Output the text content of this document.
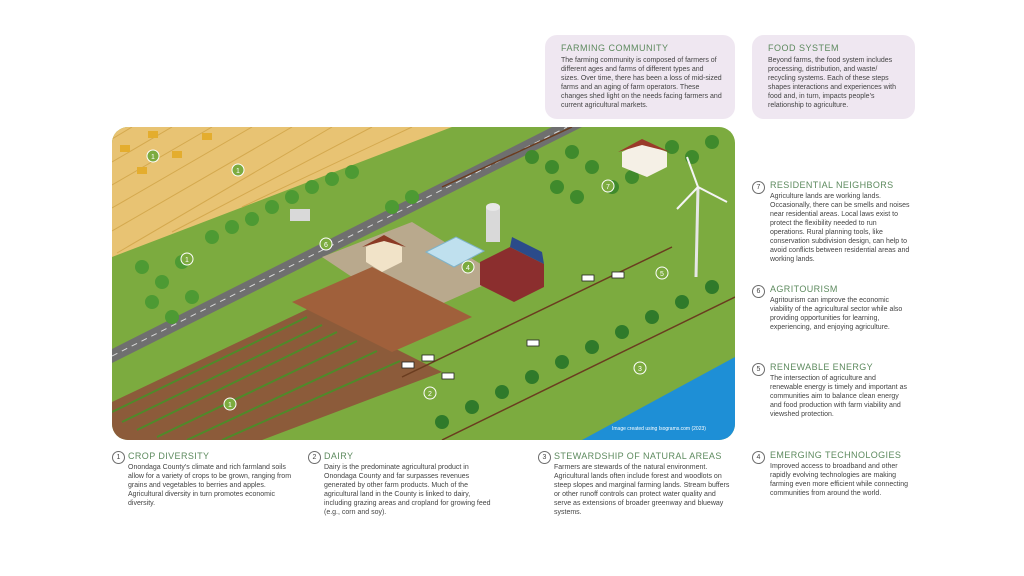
FARMING COMMUNITY
The farming community is composed of farmers of different ages and farms of different types and sizes. Over time, there has been a loss of mid-sized farms and an aging of farm operators. These changes shed light on the needs facing farmers and current agricultural markets.
FOOD SYSTEM
Beyond farms, the food system includes processing, distribution, and waste/ recycling systems. Each of these steps shapes interactions and experiences with food and, in turn, impacts people’s relationship to agriculture.
1
1
1
1
2
3
4
5
6
7
Image created using Isograms.com (2023)
7	RESIDENTIAL NEIGHBORS
Agriculture lands are working lands. Occasionally, there can be smells and noises near residential areas. Local laws exist to protect the flexibility needed to run operations. Rural planning tools, like conservation subdivision design, can help to avoid conflicts between residential areas and working lands.
6	AGRITOURISM
Agritourism can improve the economic viability of the agricultural sector while also providing opportunities for learning, experiencing, and enjoying agriculture.
5	RENEWABLE ENERGY
The intersection of agriculture and renewable energy is timely and important as communities aim to balance clean energy and food production with farm viability and viewshed protection.
4	EMERGING TECHNOLOGIES
Improved access to broadband and other rapidly evolving technologies are making farming even more efficient while connecting communities from around the world.
1 CROP DIVERSITY
Onondaga County’s climate and rich farmland soils allow for a variety of crops to be grown, ranging from grains and vegetables to berries and apples. Agricultural diversity in turn promotes economic diversity.
2 DAIRY
Dairy is the predominate agricultural product in Onondaga County and far surpasses revenues generated by other farm products. Much of the agricultural land in the County is linked to dairy, including grazing areas and cropland for growing feed (e.g., corn and soy).
3 STEWARDSHIP OF NATURAL AREAS
Farmers are stewards of the natural environment. Agricultural lands often include forest and woodlots on steep slopes and marginal farming lands. Stream buffers or other runoff controls can protect water quality and serve as extensions of broader greenway and blueway systems.
